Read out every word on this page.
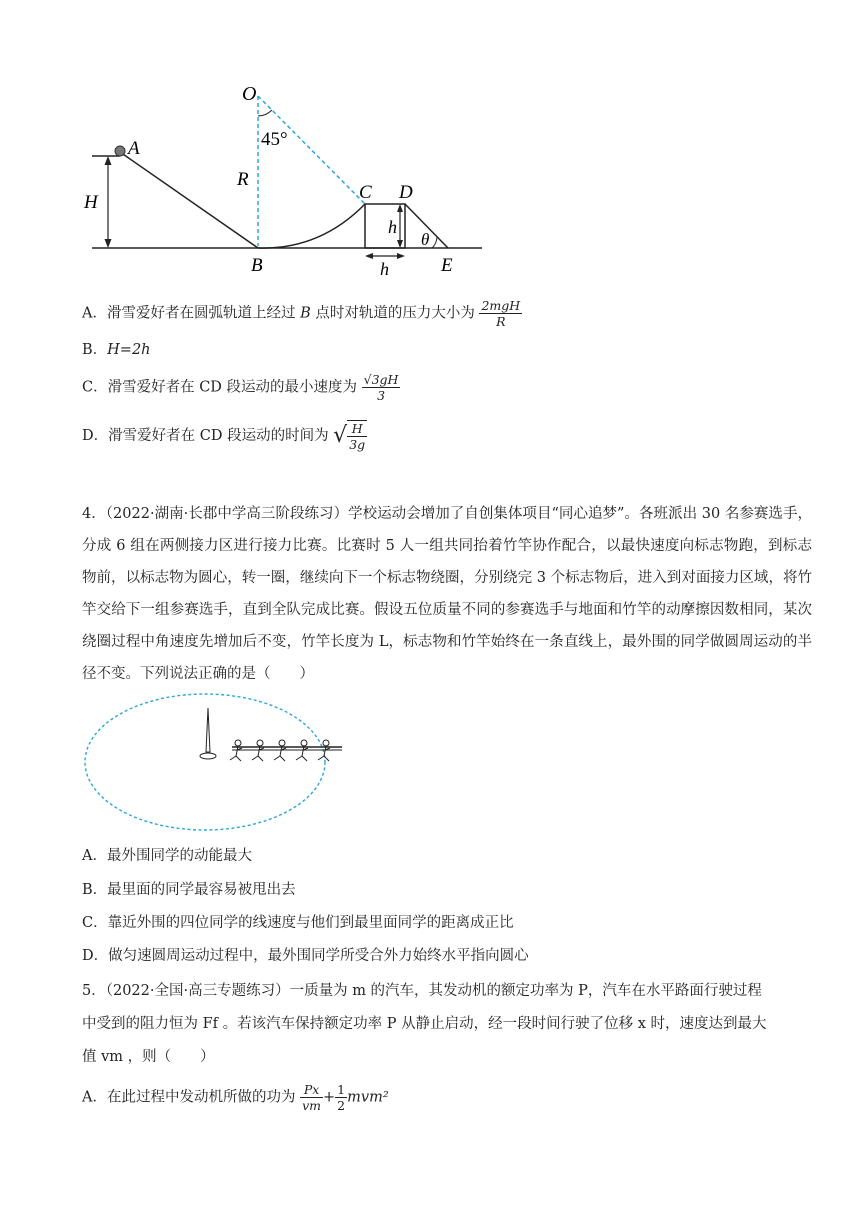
O
45°
A
H
R
B
C D
h
h
θ
E
A．滑雪爱好者在圆弧轨道上经过 B 点时对轨道的压力大小为 $\frac{\text{2mgH}}{R}$
B．H=2h
C．滑雪爱好者在 CD 段运动的最小速度为 $\frac{√3gH}{3}$
D．滑雪爱好者在 CD 段运动的时间为 √ $\frac{H}{3g}$
4．（2022·湖南·长郡中学高三阶段练习）学校运动会增加了自创集体项目“同心追梦”。各班派出 30 名参赛选手，分成 6 组在两侧接力区进行接力比赛。比赛时 5 人一组共同抬着竹竿协作配合，以最快速度向标志物跑，到标志物前，以标志物为圆心，转一圈，继续向下一个标志物绕圈，分别绕完 3 个标志物后，进入到对面接力区域，将竹竿交给下一组参赛选手，直到全队完成比赛。假设五位质量不同的参赛选手与地面和竹竿的动摩擦因数相同，某次绕圈过程中角速度先增加后不变，竹竿长度为 L，标志物和竹竿始终在一条直线上，最外围的同学做圆周运动的半径不变。下列说法正确的是（　　）
A．最外围同学的动能最大
B．最里面的同学最容易被甩出去
C．靠近外围的四位同学的线速度与他们到最里面同学的距离成正比
D．做匀速圆周运动过程中，最外围同学所受合外力始终水平指向圆心
5．（2022·全国·高三专题练习）一质量为 m 的汽车，其发动机的额定功率为 P，汽车在水平路面行驶过程
中受到的阻力恒为 Ff 。若该汽车保持额定功率 P 从静止启动，经一段时间行驶了位移 x 时，速度达到最大
值 vm ，则（　　）
A．在此过程中发动机所做的功为 $\frac{Px}{vm} + \frac{1}{2} mvm^2$
